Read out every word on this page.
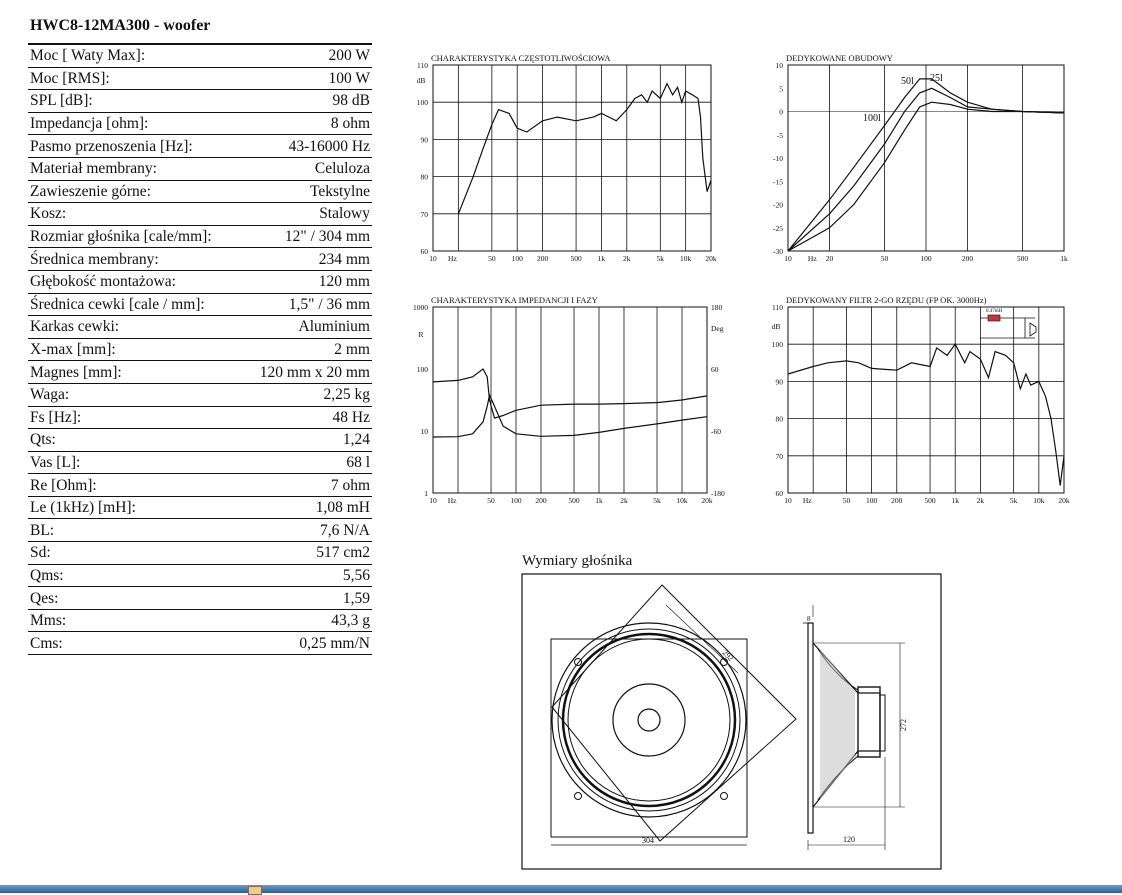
HWC8-12MA300 - woofer
Moc [ Waty Max]:	200 W
Moc [RMS]:	100 W
SPL [dB]:	98 dB
Impedancja [ohm]:	8 ohm
Pasmo przenoszenia [Hz]:	43-16000 Hz
Materiał membrany:	Celuloza
Zawieszenie górne:	Tekstylne
Kosz:	Stalowy
Rozmiar głośnika [cale/mm]:	12" / 304 mm
Średnica membrany:	234 mm
Głębokość montażowa:	120 mm
Średnica cewki [cale / mm]:	1,5" / 36 mm
Karkas cewki:	Aluminium
X-max [mm]:	2 mm
Magnes [mm]:	120 mm x 20 mm
Waga:	2,25 kg
Fs [Hz]:	48 Hz
Qts:	1,24
Vas [L]:	68 l
Re [Ohm]:	7 ohm
Le (1kHz) [mH]:	1,08 mH
BL:	7,6 N/A
Sd:	517 cm2
Qms:	5,56
Qes:	1,59
Mms:	43,3 g
Cms:	0,25 mm/N
CHARAKTERYSTYKA CZĘSTOTLIWOŚCIOWA
110
100
90
80
70
60
dB
10 Hz	50 100 200	500 1k 2k	5k 10k 20k
DEDYKOWANE OBUDOWY
10
5
0
-5
-10
-15
-20
-25
-30
10 Hz 20	50	100	200	500	1k
25l
50l
100l
CHARAKTERYSTYKA IMPEDANCJI I FAZY
1000
100
10
1
180
60
-60
-180
R
Deg
10 Hz	50 100 200	500 1k 2k	5k 10k 20k
DEDYKOWANY FILTR 2-GO RZĘDU (FP OK. 3000Hz)
110
100
90
80
70
60
dB
10 Hz	50 100 200	500 1k 2k	5k 10k 20k
0.47mH
Wymiary głośnika
292
304
8
272
120
